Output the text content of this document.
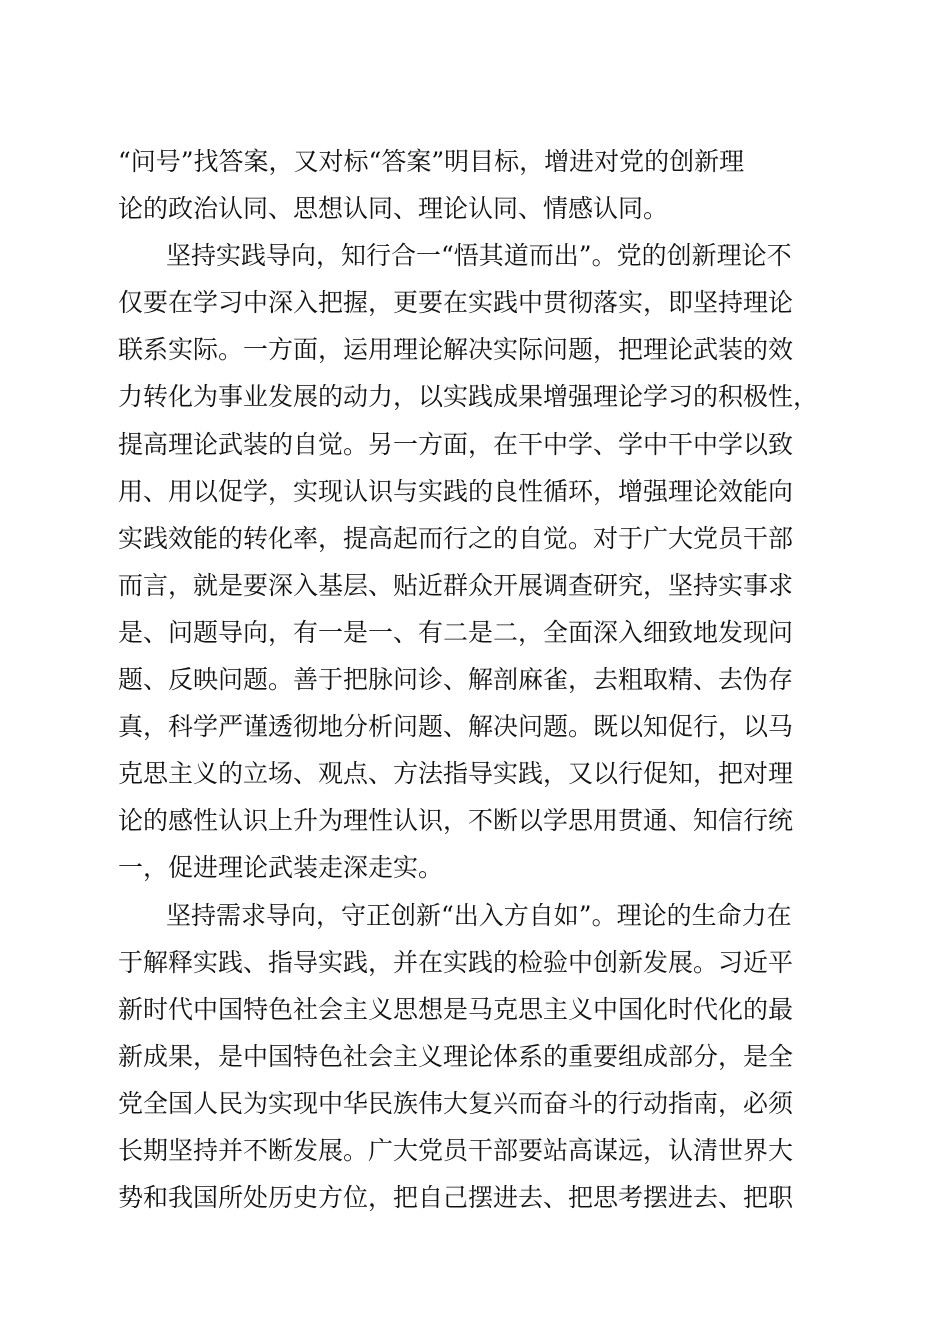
“问号”找答案，又对标“答案”明目标，增进对党的创新理
论的政治认同、思想认同、理论认同、情感认同。
坚持实践导向，知行合一“悟其道而出”。党的创新理论不
仅要在学习中深入把握，更要在实践中贯彻落实，即坚持理论
联系实际。一方面，运用理论解决实际问题，把理论武装的效
力转化为事业发展的动力，以实践成果增强理论学习的积极性，
提高理论武装的自觉。另一方面，在干中学、学中干中学以致
用、用以促学，实现认识与实践的良性循环，增强理论效能向
实践效能的转化率，提高起而行之的自觉。对于广大党员干部
而言，就是要深入基层、贴近群众开展调查研究，坚持实事求
是、问题导向，有一是一、有二是二，全面深入细致地发现问
题、反映问题。善于把脉问诊、解剖麻雀，去粗取精、去伪存
真，科学严谨透彻地分析问题、解决问题。既以知促行，以马
克思主义的立场、观点、方法指导实践，又以行促知，把对理
论的感性认识上升为理性认识，不断以学思用贯通、知信行统
一，促进理论武装走深走实。
坚持需求导向，守正创新“出入方自如”。理论的生命力在
于解释实践、指导实践，并在实践的检验中创新发展。习近平
新时代中国特色社会主义思想是马克思主义中国化时代化的最
新成果，是中国特色社会主义理论体系的重要组成部分，是全
党全国人民为实现中华民族伟大复兴而奋斗的行动指南，必须
长期坚持并不断发展。广大党员干部要站高谋远，认清世界大
势和我国所处历史方位，把自己摆进去、把思考摆进去、把职
